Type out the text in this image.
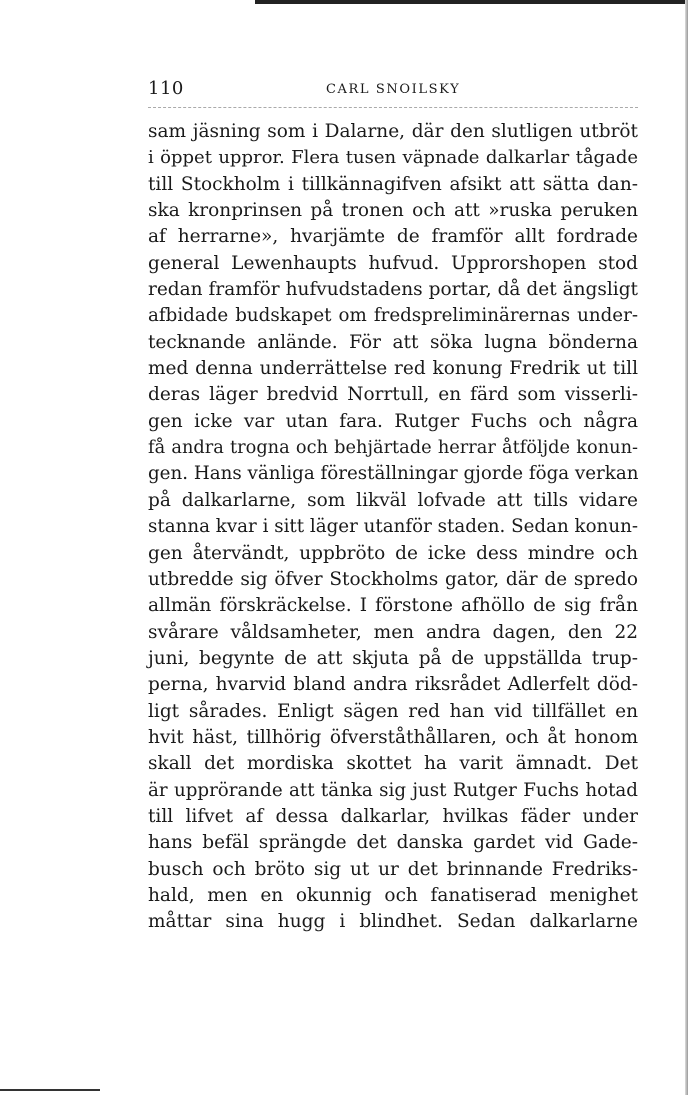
110	CARL SNOILSKY
sam jäsning som i Dalarne, där den slutligen utbröt
i öppet uppror. Flera tusen väpnade dalkarlar tågade
till Stockholm i tillkännagifven afsikt att sätta dan-
ska kronprinsen på tronen och att »ruska peruken
af herrarne», hvarjämte de framför allt fordrade
general Lewenhaupts hufvud. Upprorshopen stod
redan framför hufvudstadens portar, då det ängsligt
afbidade budskapet om fredspreliminärernas under-
tecknande anlände. För att söka lugna bönderna
med denna underrättelse red konung Fredrik ut till
deras läger bredvid Norrtull, en färd som visserli-
gen icke var utan fara. Rutger Fuchs och några
få andra trogna och behjärtade herrar åtföljde konun-
gen. Hans vänliga föreställningar gjorde föga verkan
på dalkarlarne, som likväl lofvade att tills vidare
stanna kvar i sitt läger utanför staden. Sedan konun-
gen återvändt, uppbröto de icke dess mindre och
utbredde sig öfver Stockholms gator, där de spredo
allmän förskräckelse. I förstone afhöllo de sig från
svårare våldsamheter, men andra dagen, den 22
juni, begynte de att skjuta på de uppställda trup-
perna, hvarvid bland andra riksrådet Adlerfelt död-
ligt sårades. Enligt sägen red han vid tillfället en
hvit häst, tillhörig öfverståthållaren, och åt honom
skall det mordiska skottet ha varit ämnadt. Det
är upprörande att tänka sig just Rutger Fuchs hotad
till lifvet af dessa dalkarlar, hvilkas fäder under
hans befäl sprängde det danska gardet vid Gade-
busch och bröto sig ut ur det brinnande Fredriks-
hald, men en okunnig och fanatiserad menighet
måttar sina hugg i blindhet. Sedan dalkarlarne
